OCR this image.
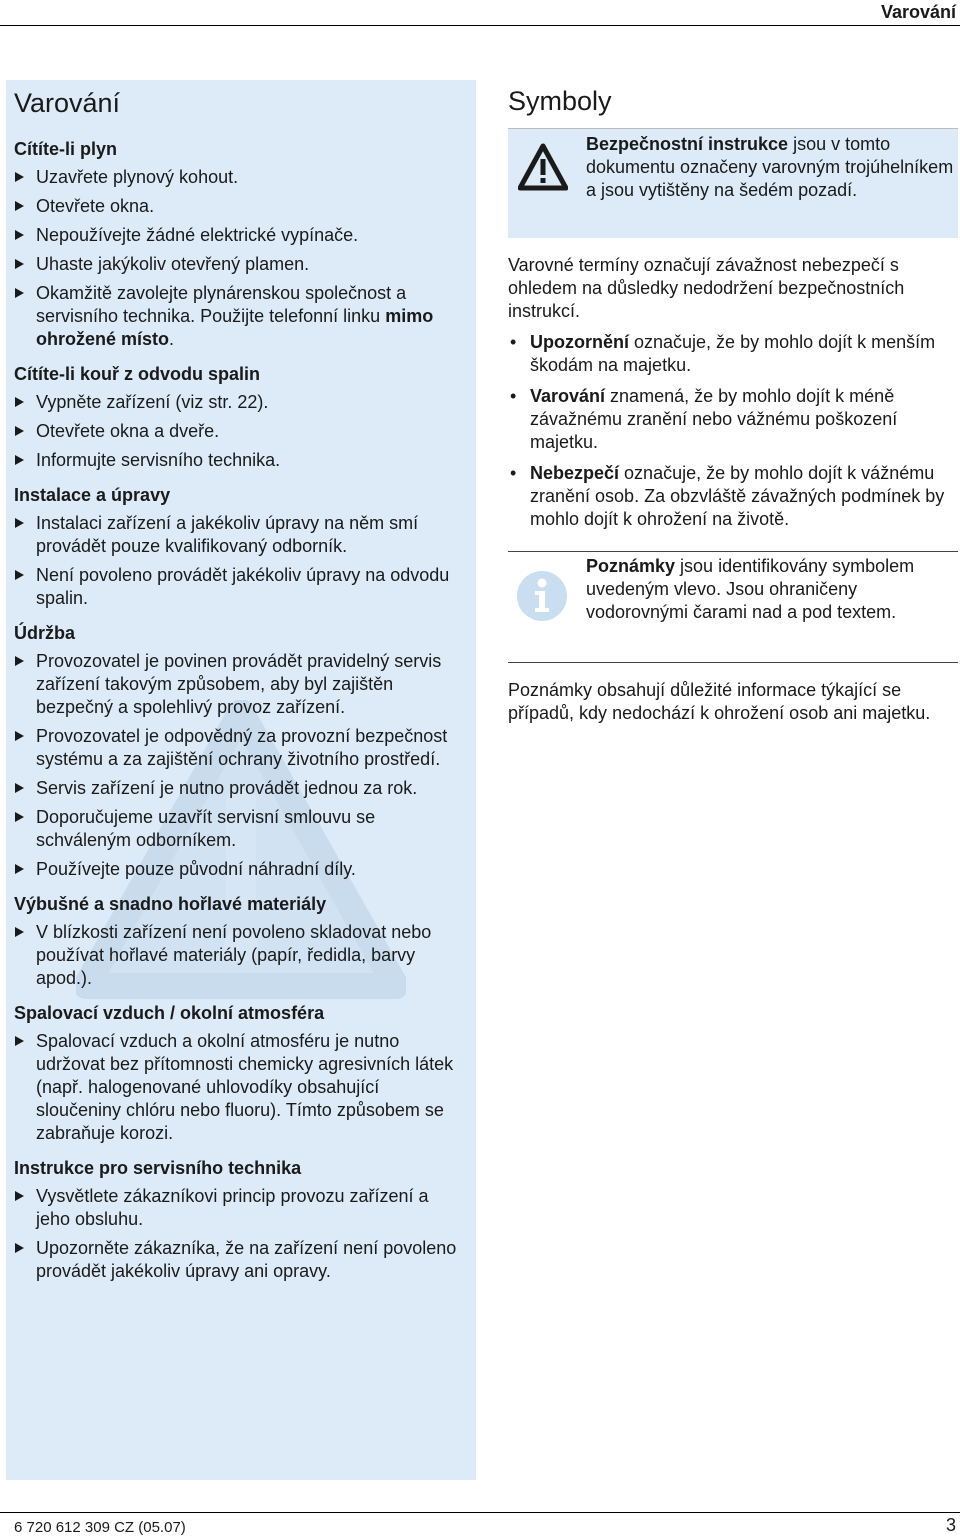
Varování
Varování
Cítíte-li plyn
Uzavřete plynový kohout.
Otevřete okna.
Nepoužívejte žádné elektrické vypínače.
Uhaste jakýkoliv otevřený plamen.
Okamžitě zavolejte plynárenskou společnost a servisního technika. Použijte telefonní linku mimo ohrožené místo.
Cítíte-li kouř z odvodu spalin
Vypněte zařízení (viz str. 22).
Otevřete okna a dveře.
Informujte servisního technika.
Instalace a úpravy
Instalaci zařízení a jakékoliv úpravy na něm smí provádět pouze kvalifikovaný odborník.
Není povoleno provádět jakékoliv úpravy na odvodu spalin.
Údržba
Provozovatel je povinen provádět pravidelný servis zařízení takovým způsobem, aby byl zajištěn bezpečný a spolehlivý provoz zařízení.
Provozovatel je odpovědný za provozní bezpečnost systému a za zajištění ochrany životního prostředí.
Servis zařízení je nutno provádět jednou za rok.
Doporučujeme uzavřít servisní smlouvu se schváleným odborníkem.
Používejte pouze původní náhradní díly.
Výbušné a snadno hořlavé materiály
V blízkosti zařízení není povoleno skladovat nebo používat hořlavé materiály (papír, ředidla, barvy apod.).
Spalovací vzduch / okolní atmosféra
Spalovací vzduch a okolní atmosféru je nutno udržovat bez přítomnosti chemicky agresivních látek (např. halogenované uhlovodíky obsahující sloučeniny chlóru nebo fluoru). Tímto způsobem se zabraňuje korozi.
Instrukce pro servisního technika
Vysvětlete zákazníkovi princip provozu zařízení a jeho obsluhu.
Upozorněte zákazníka, že na zařízení není povoleno provádět jakékoliv úpravy ani opravy.
Symboly

Bezpečnostní instrukce jsou v tomto dokumentu označeny varovným trojúhelníkem a jsou vytištěny na šedém pozadí.

Varovné termíny označují závažnost nebezpečí s ohledem na důsledky nedodržení bezpečnostních instrukcí.

• Upozornění označuje, že by mohlo dojít k menším škodám na majetku.
• Varování znamená, že by mohlo dojít k méně závažnému zranění nebo vážnému poškození majetku.
• Nebezpečí označuje, že by mohlo dojít k vážnému zranění osob. Za obzvláště závažných podmínek by mohlo dojít k ohrožení na životě.

Poznámky jsou identifikovány symbolem uvedeným vlevo. Jsou ohraničeny vodorovnými čarami nad a pod textem.

Poznámky obsahují důležité informace týkající se případů, kdy nedochází k ohrožení osob ani majetku.

6 720 612 309 CZ (05.07)	3
